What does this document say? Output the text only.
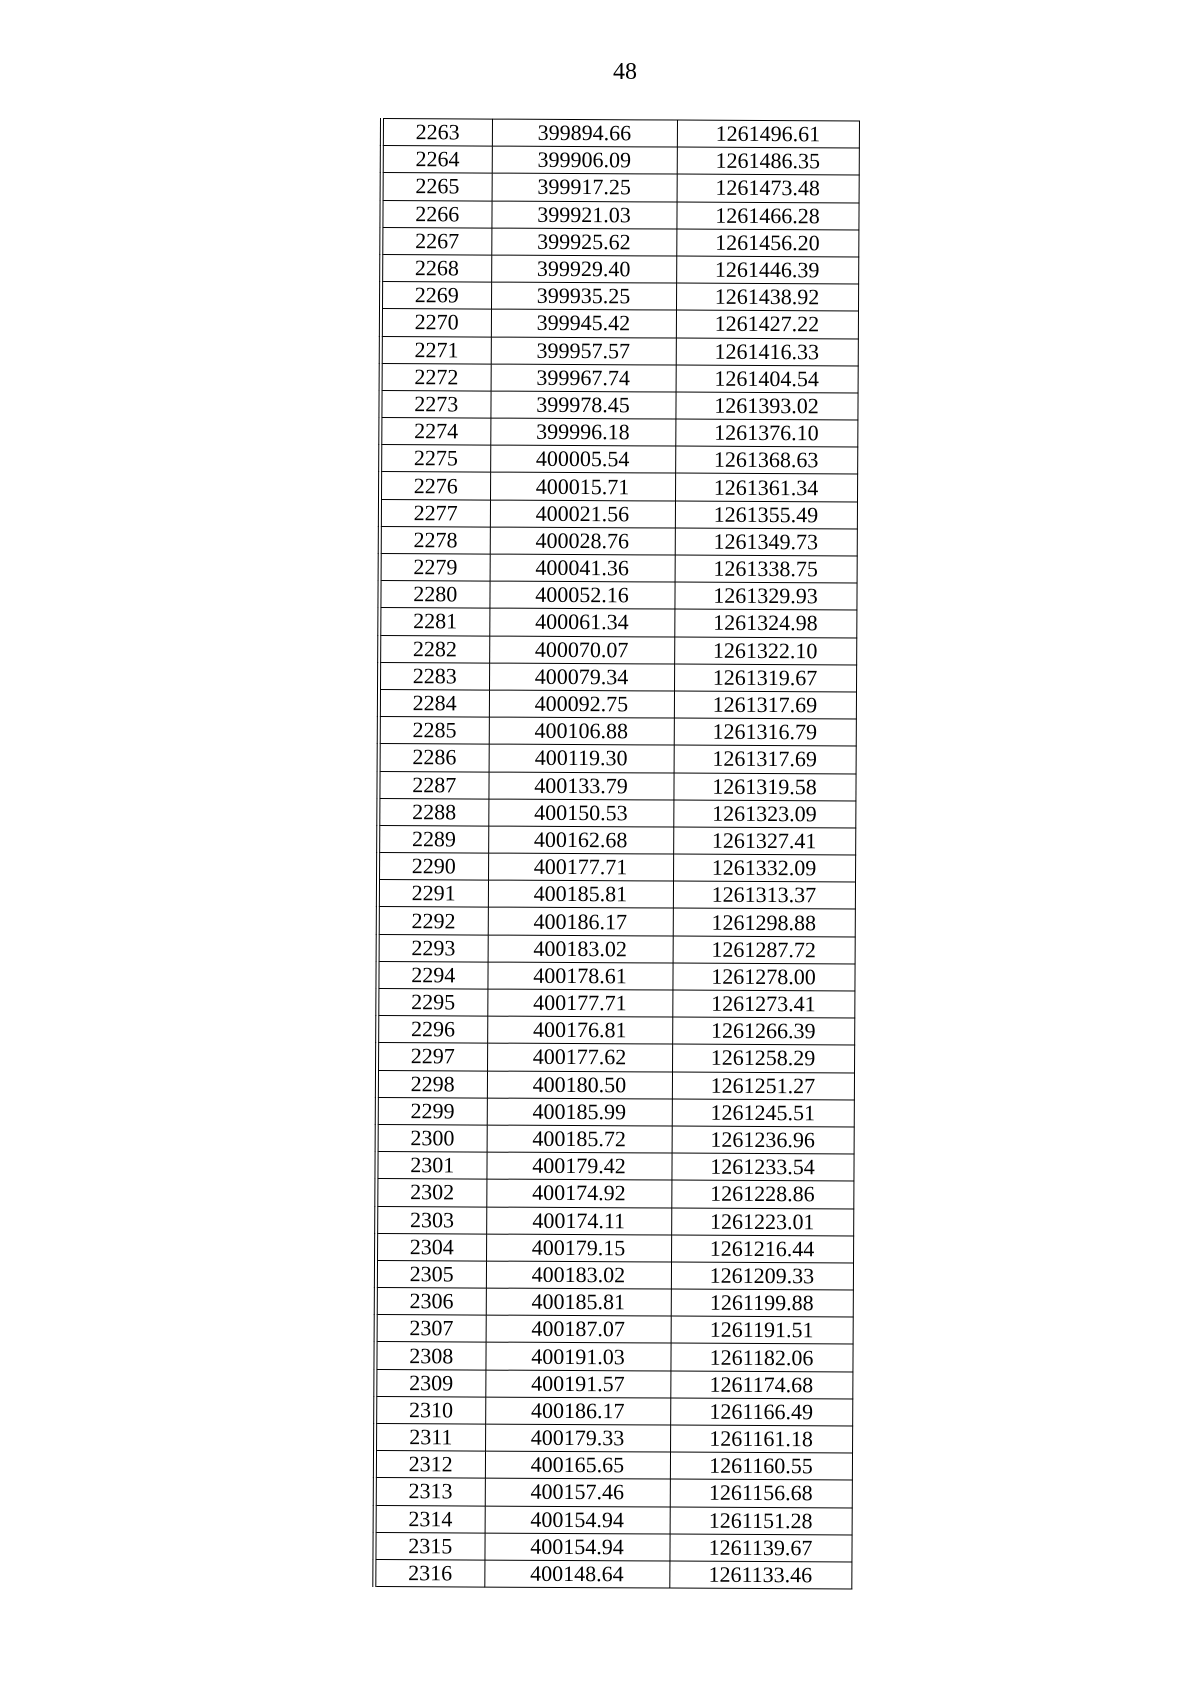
48
2263	399894.66	1261496.61
2264	399906.09	1261486.35
2265	399917.25	1261473.48
2266	399921.03	1261466.28
2267	399925.62	1261456.20
2268	399929.40	1261446.39
2269	399935.25	1261438.92
2270	399945.42	1261427.22
2271	399957.57	1261416.33
2272	399967.74	1261404.54
2273	399978.45	1261393.02
2274	399996.18	1261376.10
2275	400005.54	1261368.63
2276	400015.71	1261361.34
2277	400021.56	1261355.49
2278	400028.76	1261349.73
2279	400041.36	1261338.75
2280	400052.16	1261329.93
2281	400061.34	1261324.98
2282	400070.07	1261322.10
2283	400079.34	1261319.67
2284	400092.75	1261317.69
2285	400106.88	1261316.79
2286	400119.30	1261317.69
2287	400133.79	1261319.58
2288	400150.53	1261323.09
2289	400162.68	1261327.41
2290	400177.71	1261332.09
2291	400185.81	1261313.37
2292	400186.17	1261298.88
2293	400183.02	1261287.72
2294	400178.61	1261278.00
2295	400177.71	1261273.41
2296	400176.81	1261266.39
2297	400177.62	1261258.29
2298	400180.50	1261251.27
2299	400185.99	1261245.51
2300	400185.72	1261236.96
2301	400179.42	1261233.54
2302	400174.92	1261228.86
2303	400174.11	1261223.01
2304	400179.15	1261216.44
2305	400183.02	1261209.33
2306	400185.81	1261199.88
2307	400187.07	1261191.51
2308	400191.03	1261182.06
2309	400191.57	1261174.68
2310	400186.17	1261166.49
2311	400179.33	1261161.18
2312	400165.65	1261160.55
2313	400157.46	1261156.68
2314	400154.94	1261151.28
2315	400154.94	1261139.67
2316	400148.64	1261133.46
